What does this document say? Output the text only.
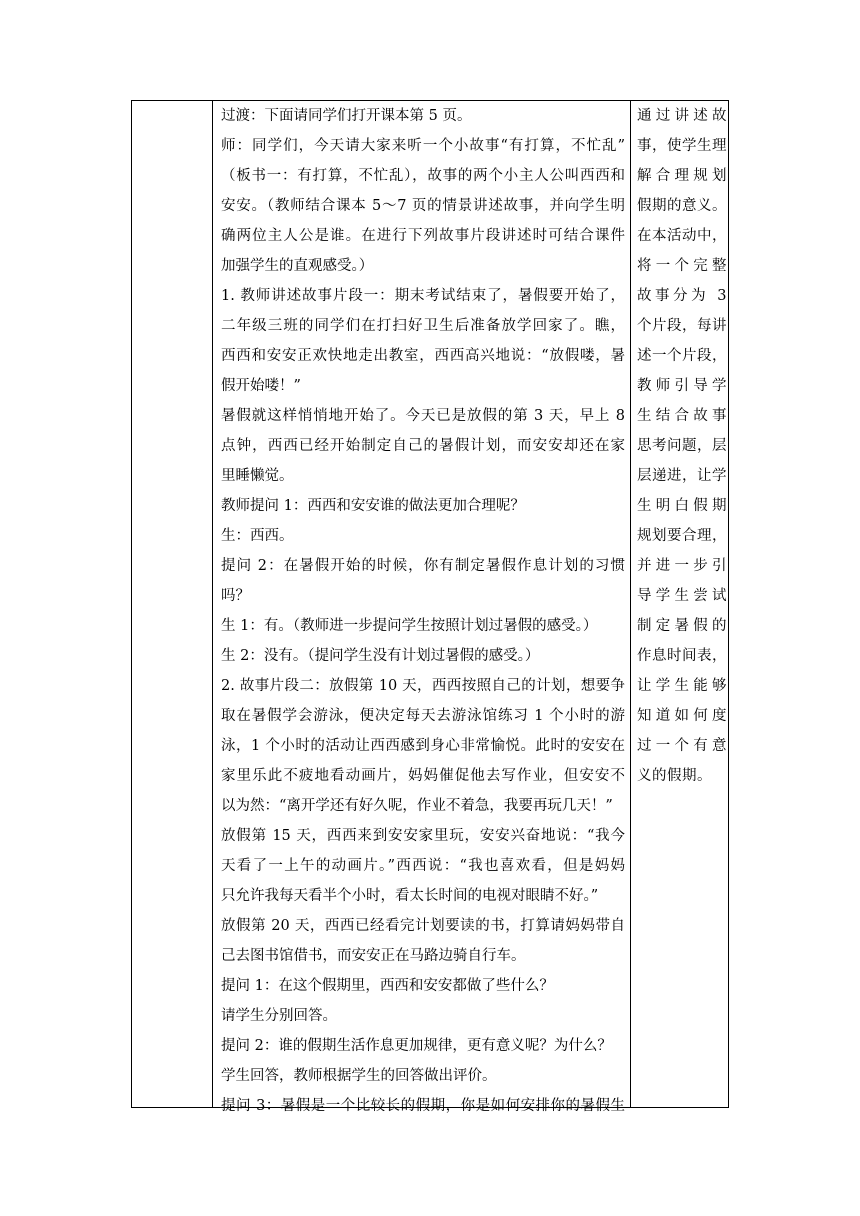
过渡：下面请同学们打开课本第 5 页。
师：同学们，今天请大家来听一个小故事“有打算，不忙乱”
（板书一：有打算，不忙乱），故事的两个小主人公叫西西和
安安。（教师结合课本 5～7 页的情景讲述故事，并向学生明
确两位主人公是谁。在进行下列故事片段讲述时可结合课件
加强学生的直观感受。）
1. 教师讲述故事片段一：期末考试结束了，暑假要开始了，
二年级三班的同学们在打扫好卫生后准备放学回家了。瞧，
西西和安安正欢快地走出教室，西西高兴地说：“放假喽，暑
假开始喽！”
暑假就这样悄悄地开始了。今天已是放假的第 3 天，早上 8
点钟，西西已经开始制定自己的暑假计划，而安安却还在家
里睡懒觉。
教师提问 1：西西和安安谁的做法更加合理呢？
生：西西。
提问 2：在暑假开始的时候，你有制定暑假作息计划的习惯
吗？
生 1：有。（教师进一步提问学生按照计划过暑假的感受。）
生 2：没有。（提问学生没有计划过暑假的感受。）
2. 故事片段二：放假第 10 天，西西按照自己的计划，想要争
取在暑假学会游泳，便决定每天去游泳馆练习 1 个小时的游
泳，1 个小时的活动让西西感到身心非常愉悦。此时的安安在
家里乐此不疲地看动画片，妈妈催促他去写作业，但安安不
以为然：“离开学还有好久呢，作业不着急，我要再玩几天！”
放假第 15 天，西西来到安安家里玩，安安兴奋地说：“我今
天看了一上午的动画片。”西西说：“我也喜欢看，但是妈妈
只允许我每天看半个小时，看太长时间的电视对眼睛不好。”
放假第 20 天，西西已经看完计划要读的书，打算请妈妈带自
己去图书馆借书，而安安正在马路边骑自行车。
提问 1：在这个假期里，西西和安安都做了些什么？
请学生分别回答。
提问 2：谁的假期生活作息更加规律，更有意义呢？为什么？
学生回答，教师根据学生的回答做出评价。
提问 3：暑假是一个比较长的假期，你是如何安排你的暑假生
通过讲述故
事，使学生理
解合理规划
假期的意义。
在本活动中，
将一个完整
故事分为 3
个片段，每讲
述一个片段，
教师引导学
生结合故事
思考问题，层
层递进，让学
生明白假期
规划要合理，
并进一步引
导学生尝试
制定暑假的
作息时间表，
让学生能够
知道如何度
过一个有意
义的假期。
